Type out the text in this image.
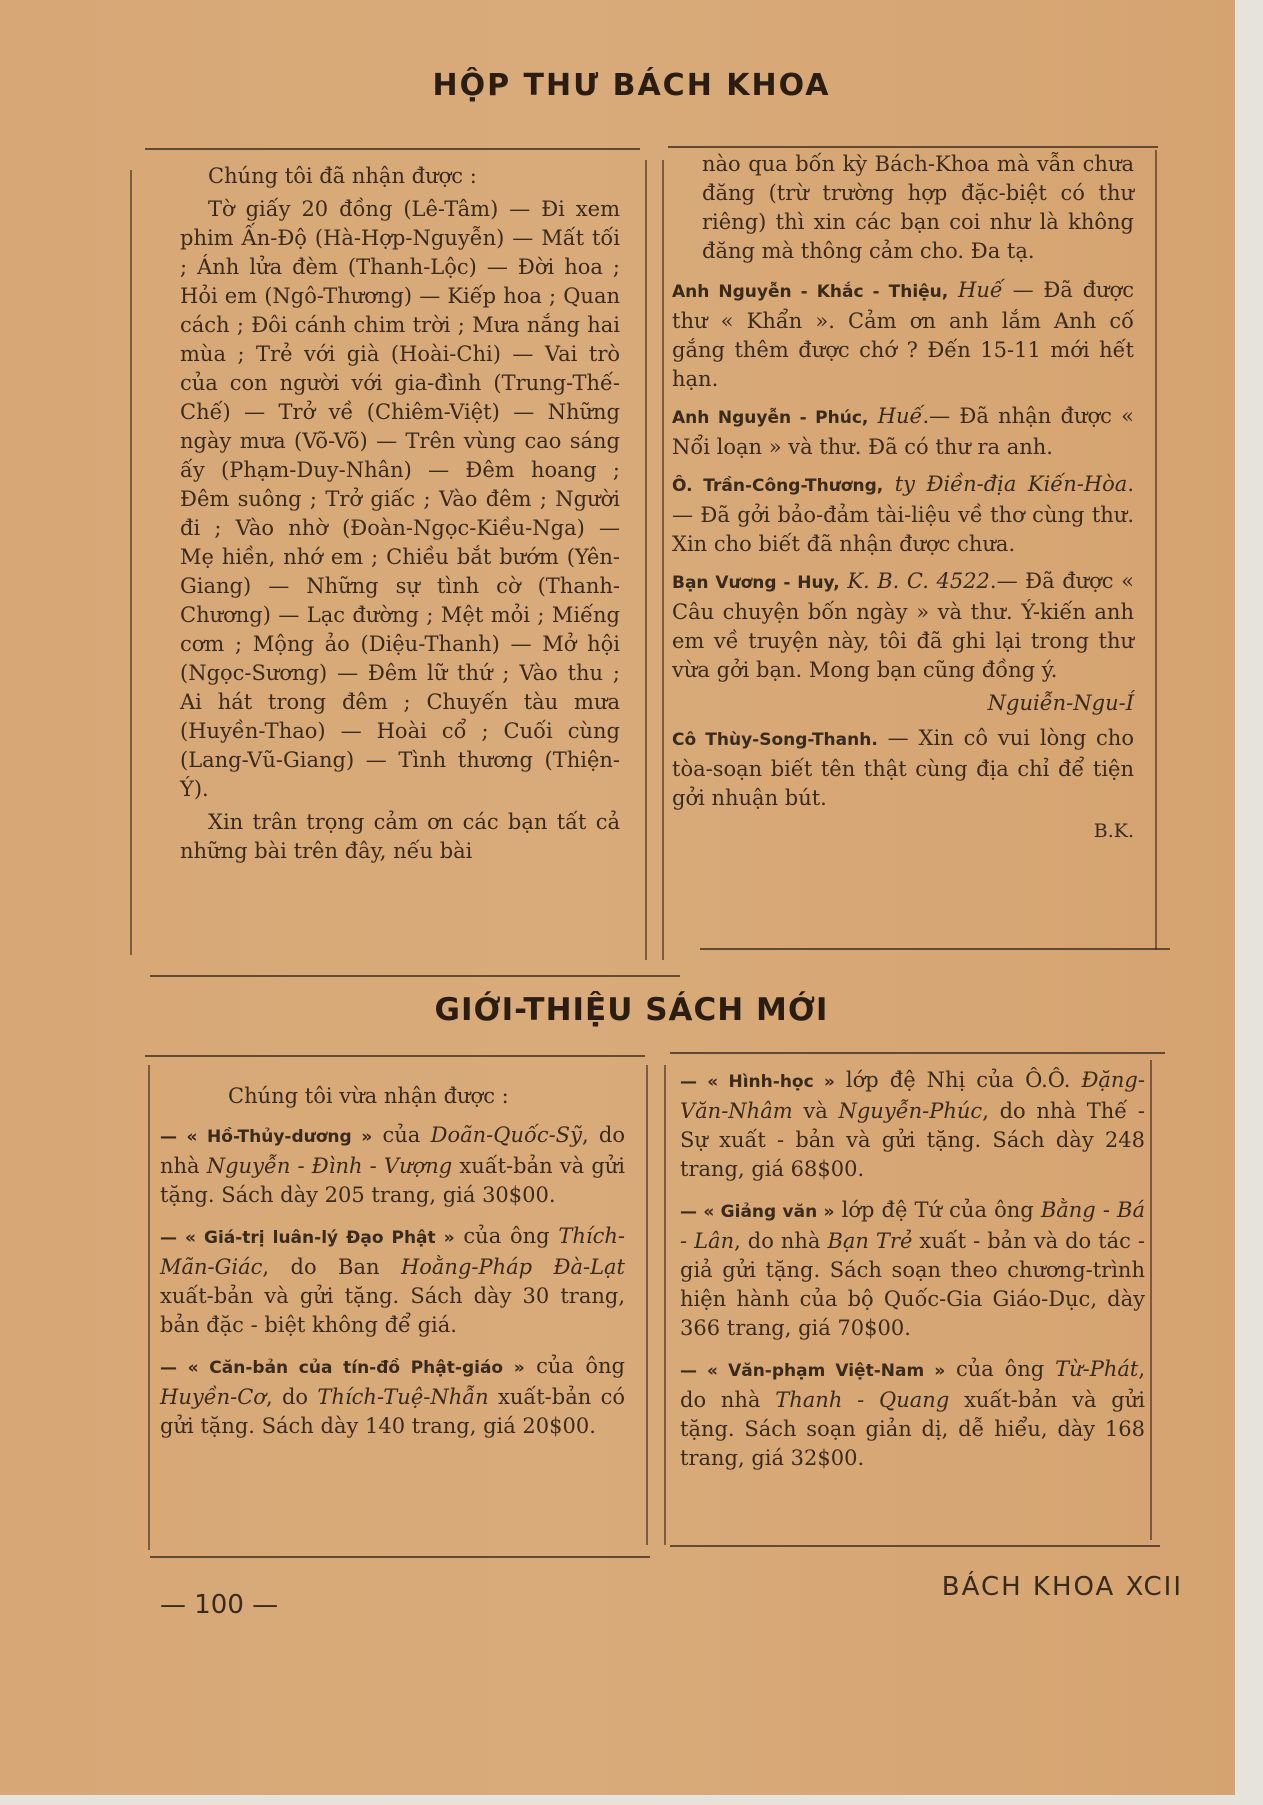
HỘP THƯ BÁCH KHOA

Chúng tôi đã nhận được :

Tờ giấy 20 đồng (Lê-Tâm) — Đi xem phim Ấn-Độ (Hà-Hợp-Nguyễn) — Mất tối ; Ánh lửa đèm (Thanh-Lộc) — Đời hoa ; Hỏi em (Ngô-Thương) — Kiếp hoa ; Quan cách ; Đôi cánh chim trời ; Mưa nắng hai mùa ; Trẻ với già (Hoài-Chi) — Vai trò của con người với gia-đình (Trung-Thế-Chế) — Trở về (Chiêm-Việt) — Những ngày mưa (Võ-Võ) — Trên vùng cao sáng ấy (Phạm-Duy-Nhân) — Đêm hoang ; Đêm suông ; Trở giấc ; Vào đêm ; Người đi ; Vào nhờ (Đoàn-Ngọc-Kiều-Nga) — Mẹ hiền, nhớ em ; Chiều bắt bướm (Yên-Giang) — Những sự tình cờ (Thanh-Chương) — Lạc đường ; Mệt mỏi ; Miếng cơm ; Mộng ảo (Diệu-Thanh) — Mở hội (Ngọc-Sương) — Đêm lữ thứ ; Vào thu ; Ai hát trong đêm ; Chuyến tàu mưa (Huyền-Thao) — Hoài cổ ; Cuối cùng (Lang-Vũ-Giang) — Tình thương (Thiện-Ý).

Xin trân trọng cảm ơn các bạn tất cả những bài trên đây, nếu bài

nào qua bốn kỳ Bách-Khoa mà vẫn chưa đăng (trừ trường hợp đặc-biệt có thư riêng) thì xin các bạn coi như là không đăng mà thông cảm cho. Đa tạ.

Anh Nguyễn - Khắc - Thiệu, Huế — Đã được thư « Khẩn ». Cảm ơn anh lắm Anh cố gắng thêm được chớ ? Đến 15-11 mới hết hạn.

Anh Nguyễn - Phúc, Huế.— Đã nhận được « Nổi loạn » và thư. Đã có thư ra anh.

Ô. Trần-Công-Thương, ty Điền-địa Kiến-Hòa.— Đã gởi bảo-đảm tài-liệu về thơ cùng thư. Xin cho biết đã nhận được chưa.

Bạn Vương - Huy, K. B. C. 4522.— Đã được « Câu chuyện bốn ngày » và thư. Ý-kiến anh em về truyện này, tôi đã ghi lại trong thư vừa gởi bạn. Mong bạn cũng đồng ý.

Nguiễn-Ngu-Í

Cô Thùy-Song-Thanh. — Xin cô vui lòng cho tòa-soạn biết tên thật cùng địa chỉ để tiện gởi nhuận bút.

B.K.

GIỚI-THIỆU SÁCH MỚI

Chúng tôi vừa nhận được :

— « Hồ-Thủy-dương » của Doãn-Quốc-Sỹ, do nhà Nguyễn - Đình - Vượng xuất-bản và gửi tặng. Sách dày 205 trang, giá 30$00.

— « Giá-trị luân-lý Đạo Phật » của ông Thích-Mãn-Giác, do Ban Hoằng-Pháp Đà-Lạt xuất-bản và gửi tặng. Sách dày 30 trang, bản đặc - biệt không để giá.

— « Căn-bản của tín-đồ Phật-giáo » của ông Huyền-Cơ, do Thích-Tuệ-Nhẫn xuất-bản có gửi tặng. Sách dày 140 trang, giá 20$00.

— « Hình-học » lớp đệ Nhị của Ô.Ô. Đặng-Văn-Nhâm và Nguyễn-Phúc, do nhà Thế - Sự xuất - bản và gửi tặng. Sách dày 248 trang, giá 68$00.

— « Giảng văn » lớp đệ Tứ của ông Bằng - Bá - Lân, do nhà Bạn Trẻ xuất - bản và do tác - giả gửi tặng. Sách soạn theo chương-trình hiện hành của bộ Quốc-Gia Giáo-Dục, dày 366 trang, giá 70$00.

— « Văn-phạm Việt-Nam » của ông Từ-Phát, do nhà Thanh - Quang xuất-bản và gửi tặng. Sách soạn giản dị, dễ hiểu, dày 168 trang, giá 32$00.

— 100 —
BÁCH KHOA XCII
